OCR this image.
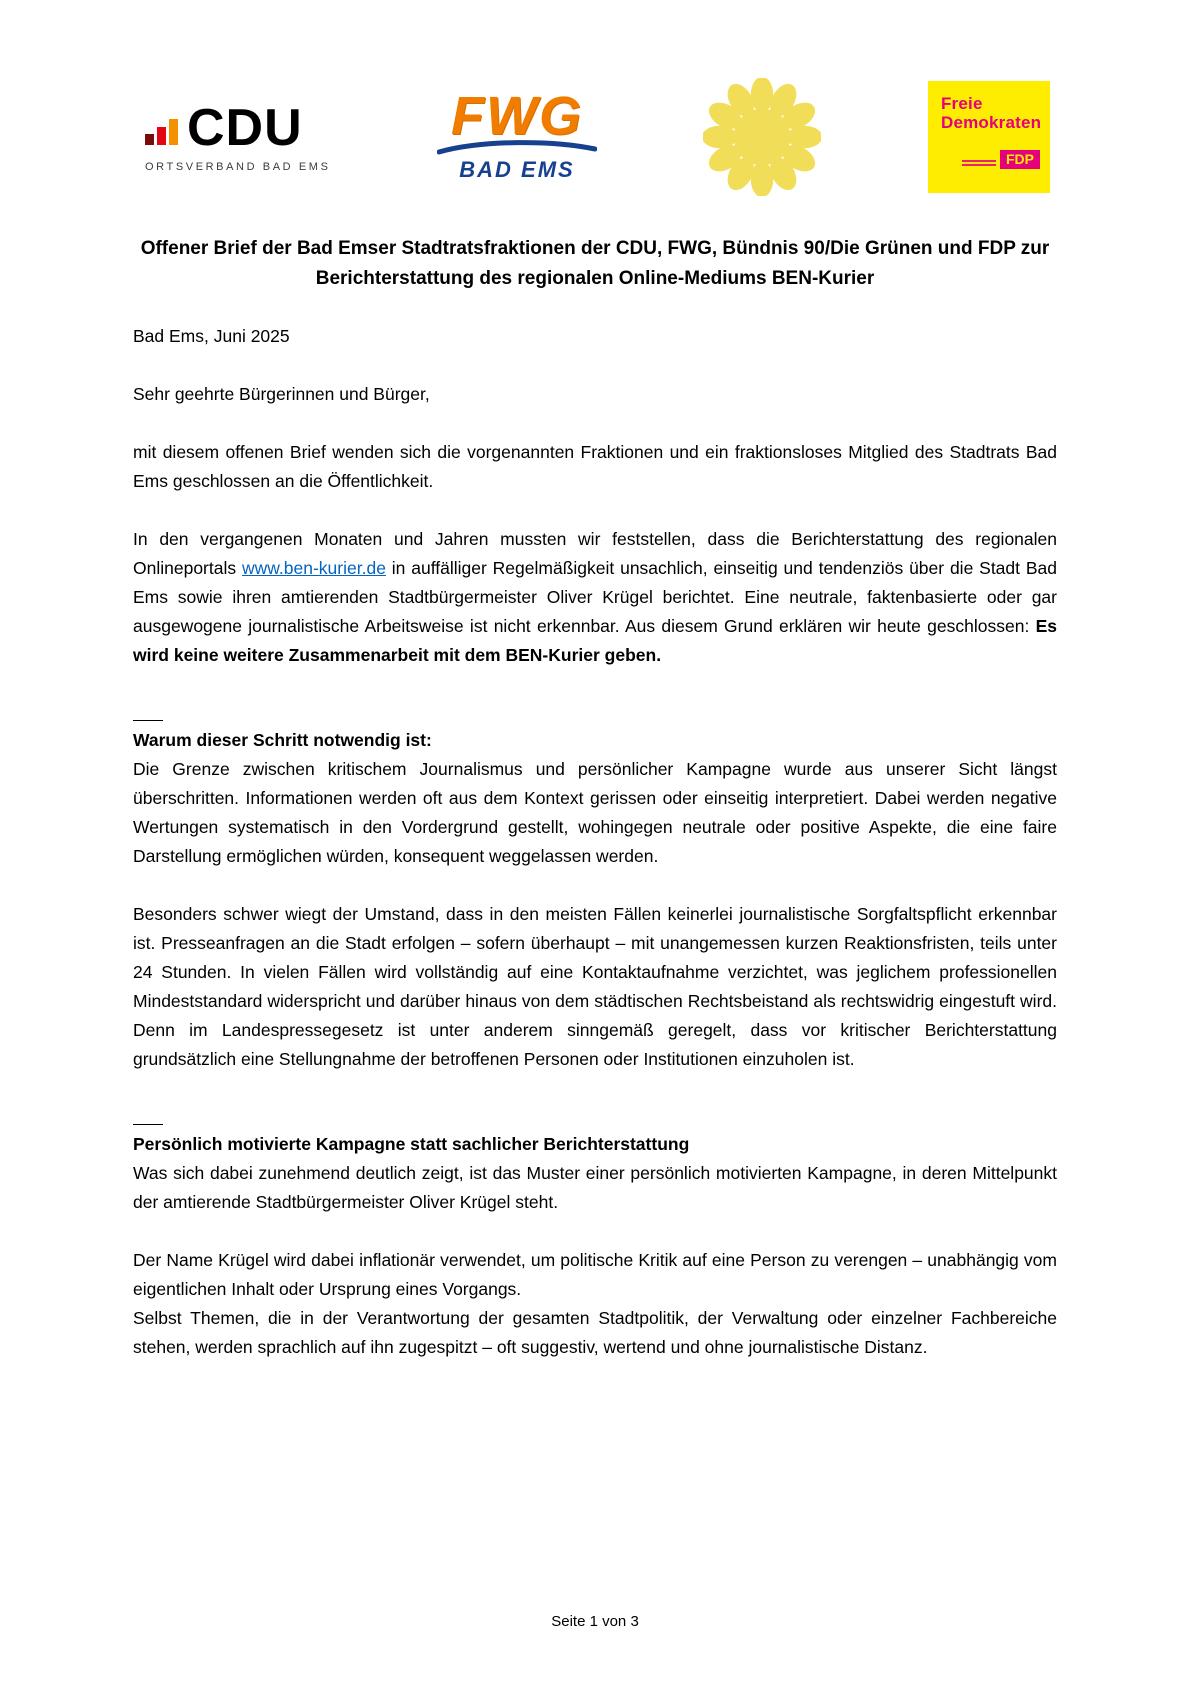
CDU
ORTSVERBAND BAD EMS
FWG
BAD EMS
Freie
Demokraten
FDP
Offener Brief der Bad Emser Stadtratsfraktionen der CDU, FWG, Bündnis 90/Die Grünen und FDP zur Berichterstattung des regionalen Online-Mediums BEN-Kurier

Bad Ems, Juni 2025

Sehr geehrte Bürgerinnen und Bürger,

mit diesem offenen Brief wenden sich die vorgenannten Fraktionen und ein fraktionsloses Mitglied des Stadtrats Bad Ems geschlossen an die Öffentlichkeit.

In den vergangenen Monaten und Jahren mussten wir feststellen, dass die Berichterstattung des regionalen Onlineportals www.ben-kurier.de in auffälliger Regelmäßigkeit unsachlich, einseitig und tendenziös über die Stadt Bad Ems sowie ihren amtierenden Stadtbürgermeister Oliver Krügel berichtet. Eine neutrale, faktenbasierte oder gar ausgewogene journalistische Arbeitsweise ist nicht erkennbar. Aus diesem Grund erklären wir heute geschlossen: Es wird keine weitere Zusammenarbeit mit dem BEN-Kurier geben.

Warum dieser Schritt notwendig ist:

Die Grenze zwischen kritischem Journalismus und persönlicher Kampagne wurde aus unserer Sicht längst überschritten. Informationen werden oft aus dem Kontext gerissen oder einseitig interpretiert. Dabei werden negative Wertungen systematisch in den Vordergrund gestellt, wohingegen neutrale oder positive Aspekte, die eine faire Darstellung ermöglichen würden, konsequent weggelassen werden.

Besonders schwer wiegt der Umstand, dass in den meisten Fällen keinerlei journalistische Sorgfaltspflicht erkennbar ist. Presseanfragen an die Stadt erfolgen – sofern überhaupt – mit unangemessen kurzen Reaktionsfristen, teils unter 24 Stunden. In vielen Fällen wird vollständig auf eine Kontaktaufnahme verzichtet, was jeglichem professionellen Mindeststandard widerspricht und darüber hinaus von dem städtischen Rechtsbeistand als rechtswidrig eingestuft wird. Denn im Landespressegesetz ist unter anderem sinngemäß geregelt, dass vor kritischer Berichterstattung grundsätzlich eine Stellungnahme der betroffenen Personen oder Institutionen einzuholen ist.

Persönlich motivierte Kampagne statt sachlicher Berichterstattung

Was sich dabei zunehmend deutlich zeigt, ist das Muster einer persönlich motivierten Kampagne, in deren Mittelpunkt der amtierende Stadtbürgermeister Oliver Krügel steht.

Der Name Krügel wird dabei inflationär verwendet, um politische Kritik auf eine Person zu verengen – unabhängig vom eigentlichen Inhalt oder Ursprung eines Vorgangs.

Selbst Themen, die in der Verantwortung der gesamten Stadtpolitik, der Verwaltung oder einzelner Fachbereiche stehen, werden sprachlich auf ihn zugespitzt – oft suggestiv, wertend und ohne journalistische Distanz.

Seite 1 von 3
